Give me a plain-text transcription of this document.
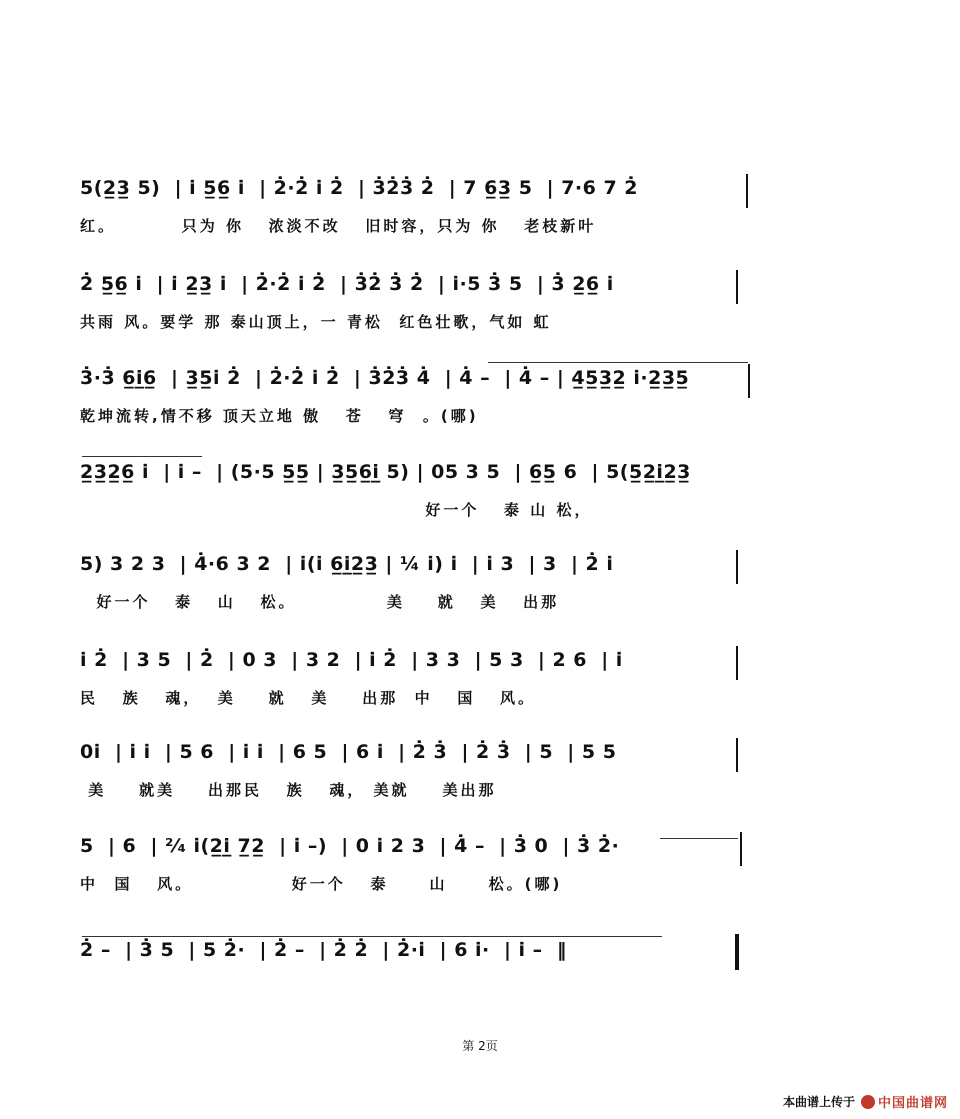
5(2̲3̲ 5)  | i̇ 5̲6̲ i̇  | 2̇·2̇ i̇ 2̇  | 3̇2̇3̇ 2̇  | 7 6̲3̲ 5  | 7·6 7 2̇
红。        只为 你   浓淡不改   旧时容，只为 你   老枝新叶
2̇ 5̲6̲ i̇  | i̇ 2̲3̲ i̇  | 2̇·2̇ i̇ 2̇  | 3̇2̇ 3̇ 2̇  | i̇·5 3̇ 5  | 3̇ 2̲6̲ i̇
共雨 风。要学 那 泰山顶上，一 青松  红色壮歌，气如 虹
3̇·3̇ 6̲i̲6̲  | 3̲5̲i̇ 2̇  | 2̇·2̇ i̇ 2̇  | 3̇2̇3̇ 4̇  | 4̇ –  | 4̇ – | 4̲5̲3̲2̲ i̇·2̲3̲5̲
乾坤流转,情不移 顶天立地 傲   苍   穹  。(哪)
2̲3̲2̲6̲ i̇  | i̇ –  | (5·5 5̲5̲ | 3̲5̲6̲i̲ 5) | 05 3 5  | 6̲5̲ 6  | 5(5̲2̲i̲2̲3̲
好一个   泰 山 松，
5) 3 2 3  | 4̇·6 3 2  | i̇(i̇ 6̲i̲2̲3̲ | ¼ i̇) i̇  | i̇ 3  | 3  | 2̇ i̇
好一个   泰   山   松。           美    就   美   出那
i̇ 2̇  | 3 5  | 2̇  | 0 3  | 3 2  | i̇ 2̇  | 3 3  | 5 3  | 2 6  | i̇
民   族   魂，  美    就   美    出那  中   国   风。
0i̇  | i̇ i̇  | 5 6  | i̇ i̇  | 6 5  | 6 i̇  | 2̇ 3̇  | 2̇ 3̇  | 5  | 5 5
美    就美    出那民   族   魂， 美就    美出那
5  | 6  | ²⁄₄ i̇(2̲i̲ 7̲2̲  | i̇ –)  | 0 i̇ 2 3  | 4̇ –  | 3̇ 0  | 3̇ 2̇·
中  国   风。            好一个   泰     山     松。(哪)
2̇ –  | 3̇ 5  | 5 2̇·  | 2̇ –  | 2̇ 2̇  | 2̇·i̇  | 6 i̇·  | i̇ –  ‖
第 2页
本曲谱上传于 中国曲谱网
